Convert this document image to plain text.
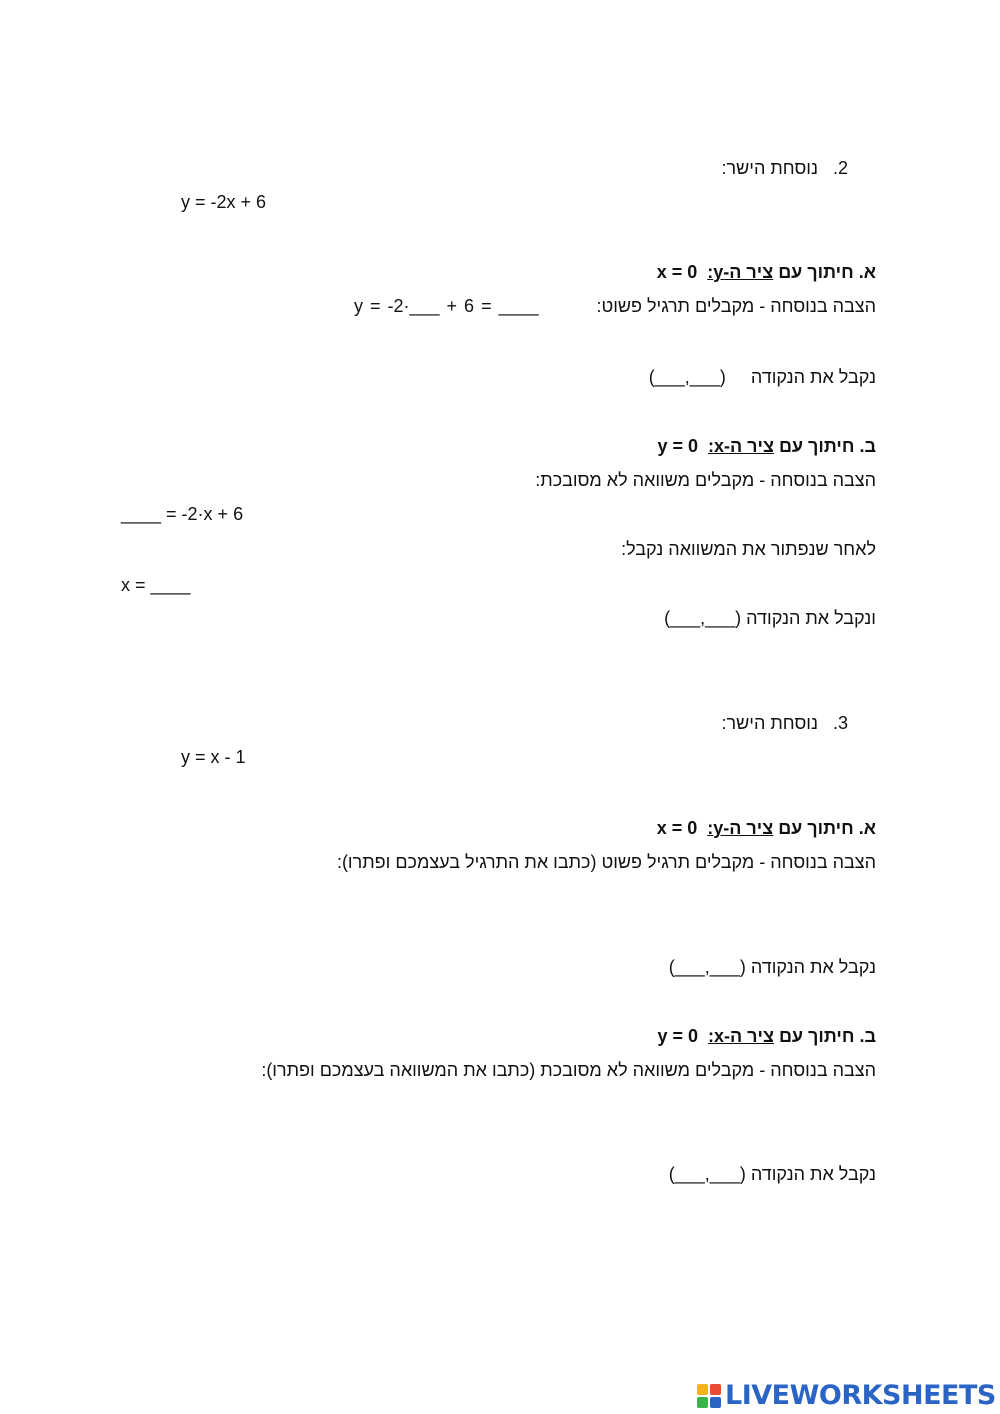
2.   נוסחת הישר:
y = -2x + 6
א. חיתוך עם ציר ה-y:  x = 0
הצבה בנוסחה - מקבלים תרגיל פשוט:
y = -2·___ + 6 = ____
נקבל את הנקודה     (___,___)
ב. חיתוך עם ציר ה-x:  y = 0
הצבה בנוסחה - מקבלים משוואה לא מסובכת:
____ = -2·x + 6
לאחר שנפתור את המשוואה נקבל:
x = ____
ונקבל את הנקודה (___,___)
3.   נוסחת הישר:
y = x - 1
א. חיתוך עם ציר ה-y:  x = 0
הצבה בנוסחה - מקבלים תרגיל פשוט (כתבו את התרגיל בעצמכם ופתרו):
נקבל את הנקודה (___,___)
ב. חיתוך עם ציר ה-x:  y = 0
הצבה בנוסחה - מקבלים משוואה לא מסובכת (כתבו את המשוואה בעצמכם ופתרו):
נקבל את הנקודה (___,___)
LIVEWORKSHEETS
